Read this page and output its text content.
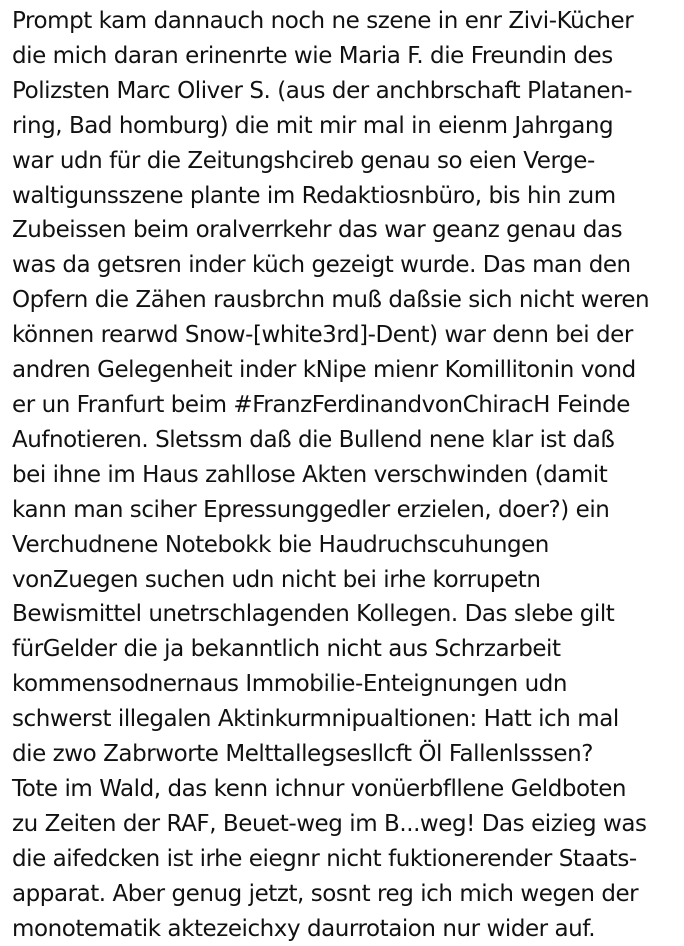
Prompt kam dannauch noch ne szene in enr Zivi-Kücher
die mich daran erinenrte wie Maria F. die Freundin des
Polizsten Marc Oliver S. (aus der anchbrschaft Platanen-
ring, Bad homburg) die mit mir mal in eienm Jahrgang
war udn für die Zeitungshcireb genau so eien Verge-
waltigunsszene plante im Redaktiosnbüro, bis hin zum
Zubeissen beim oralverrkehr das war geanz genau das
was da getsren inder küch gezeigt wurde. Das man den
Opfern die Zähen rausbrchn muß daßsie sich nicht weren
können rearwd Snow-[white3rd]-Dent) war denn bei der
andren Gelegenheit inder kNipe mienr Komillitonin vond
er un Franfurt beim #FranzFerdinandvonChiracH Feinde
Aufnotieren. Sletssm daß die Bullend nene klar ist daß
bei ihne im Haus zahllose Akten verschwinden (damit
kann man sciher Epressunggedler erzielen, doer?) ein
Verchudnene Notebokk bie Haudruchscuhungen
vonZuegen suchen udn nicht bei irhe korrupetn
Bewismittel unetrschlagenden Kollegen. Das slebe gilt
fürGelder die ja bekanntlich nicht aus Schrzarbeit
kommensodnernaus Immobilie-Enteignungen udn
schwerst illegalen Aktinkurmnipualtionen: Hatt ich mal
die zwo Zabrworte Melttallegsesllcft Öl Fallenlsssen?
Tote im Wald, das kenn ichnur vonüerbfllene Geldboten
zu Zeiten der RAF, Beuet-weg im B...weg! Das eizieg was
die aifedcken ist irhe eiegnr nicht fuktionerender Staats-
apparat. Aber genug jetzt, sosnt reg ich mich wegen der
monotematik aktezeichxy daurrotaion nur wider auf.
